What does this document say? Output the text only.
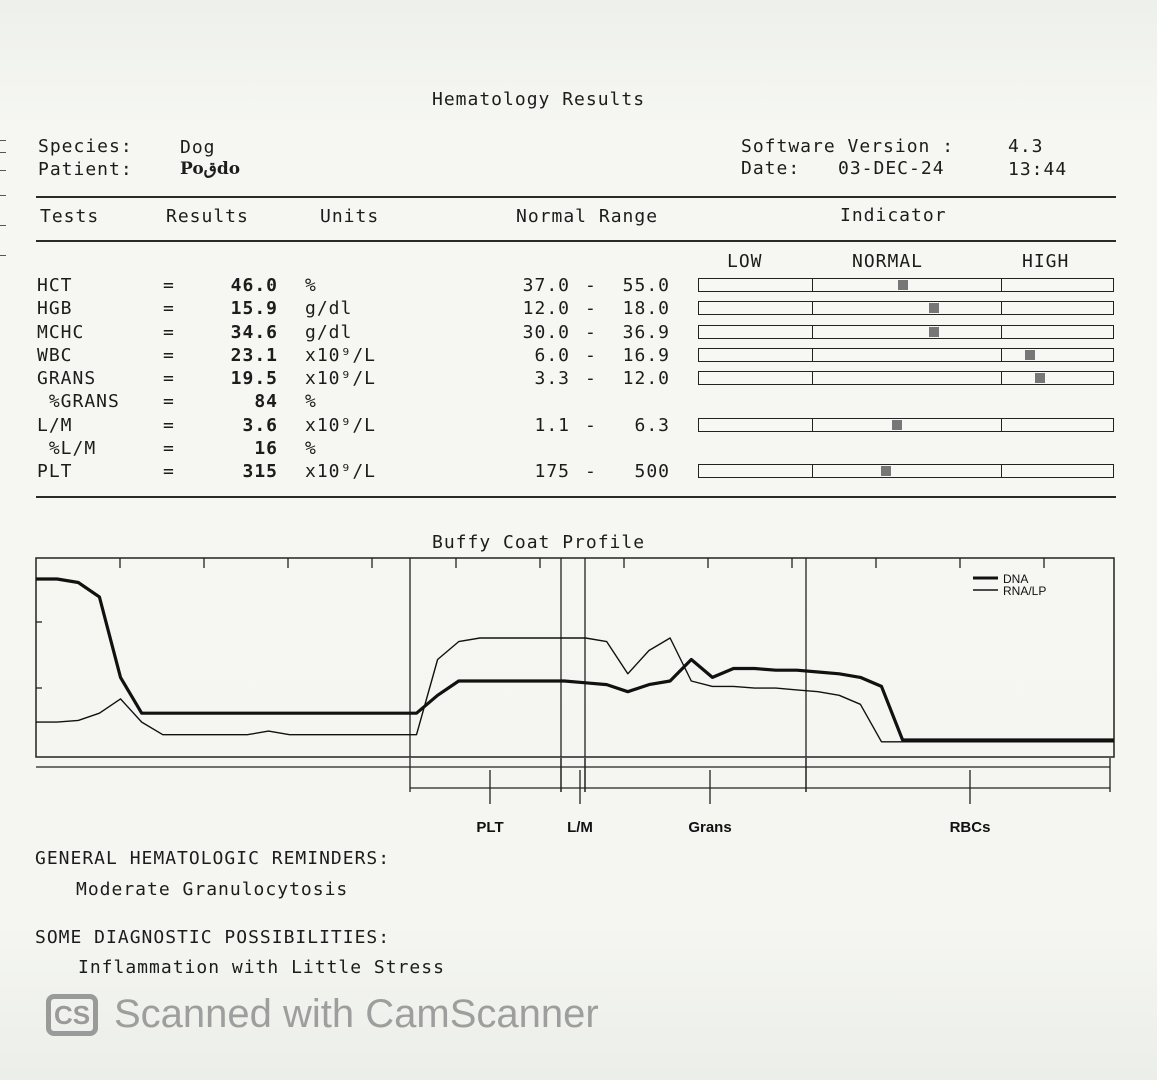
Hematology Results
Species:	Dog
Patient:	Poقdo
Software Version :	4.3
Date: 03-DEC-24	13:44
Tests	Results	Units	Normal Range	Indicator
LOW	NORMAL	HIGH
HCT	=	46.0 %	37.0 -	55.0
HGB	=	15.9 g/dl	12.0 -	18.0
MCHC	=	34.6 g/dl	30.0 -	36.9
WBC	=	23.1 x10⁹/L	6.0 -	16.9
GRANS	=	19.5 x10⁹/L	3.3 -	12.0
%GRANS =	84 %
L/M	=	3.6 x10⁹/L	1.1 -	6.3
%L/M	=	16 %
PLT	=	315 x10⁹/L	175 -	500
Buffy Coat Profile
DNA
RNA/LP
PLT	L/M	Grans	RBCs
GENERAL HEMATOLOGIC REMINDERS:
Moderate Granulocytosis
SOME DIAGNOSTIC POSSIBILITIES:
Inflammation with Little Stress
CS Scanned with CamScanner
